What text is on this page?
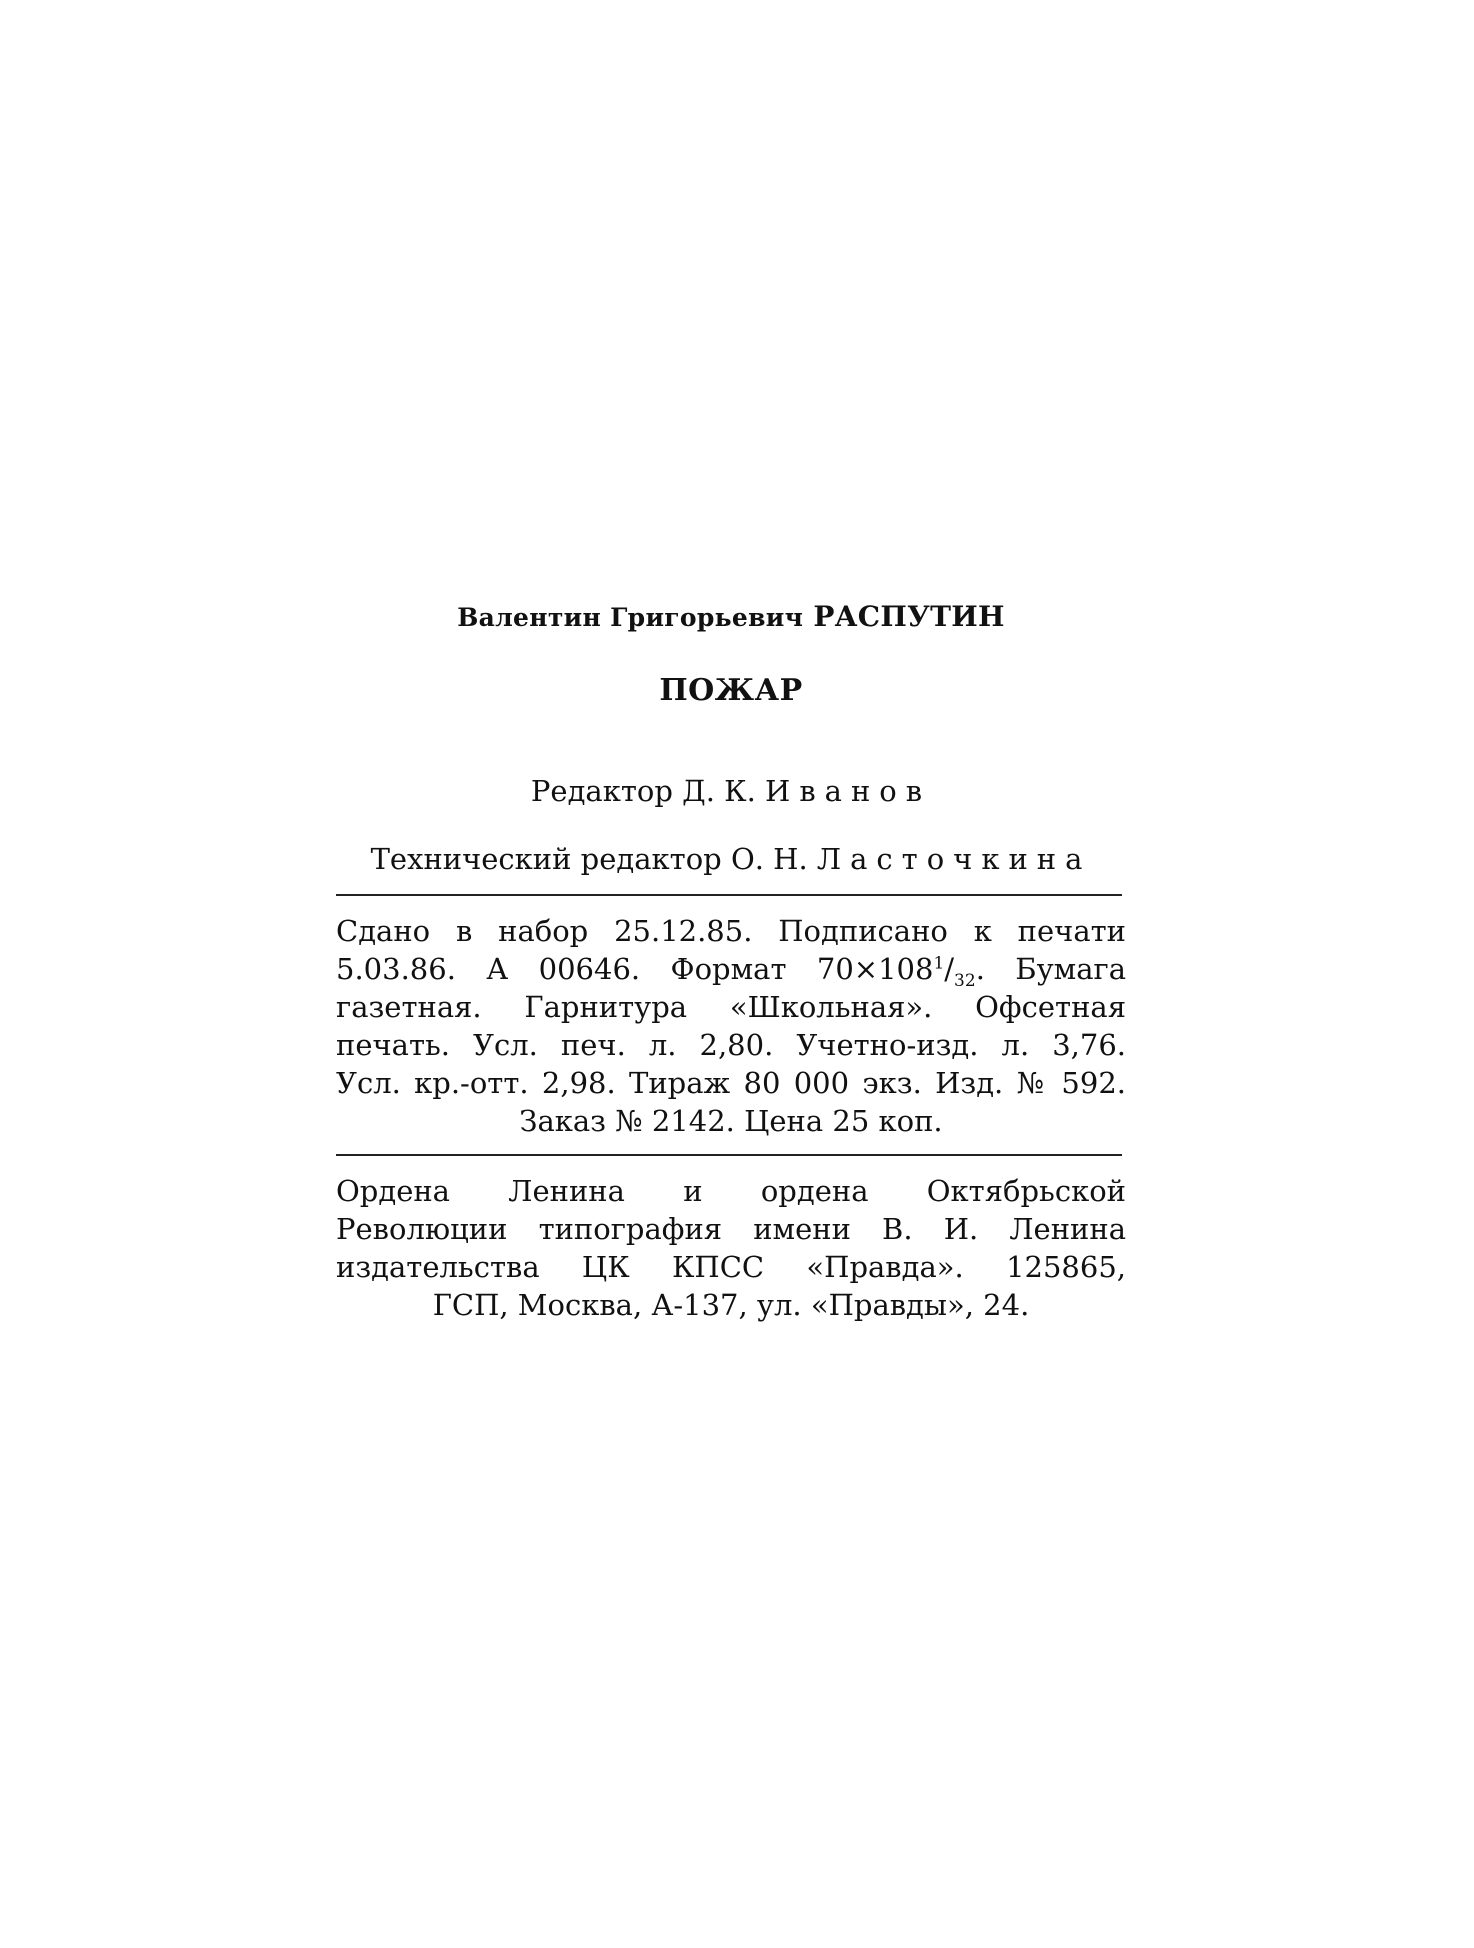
Валентин Григорьевич РАСПУТИН

ПОЖАР

Редактор Д. К. Иванов

Технический редактор О. Н. Ласточкина

Сдано в набор 25.12.85. Подписано к печати
5.03.86. А 00646. Формат $70\times 108^1/_{32}$. Бумага
газетная. Гарнитура «Школьная». Офсетная
печать. Усл. печ. л. 2,80. Учетно-изд. л. 3,76.
Усл. кр.-отт. 2,98. Тираж 80 000 экз. Изд. № 592.
Заказ № 2142. Цена 25 коп.
Ордена Ленина и ордена Октябрьской
Революции типография имени В. И. Ленина
издательства ЦК КПСС «Правда». 125865,
ГСП, Москва, А-137, ул. «Правды», 24.
